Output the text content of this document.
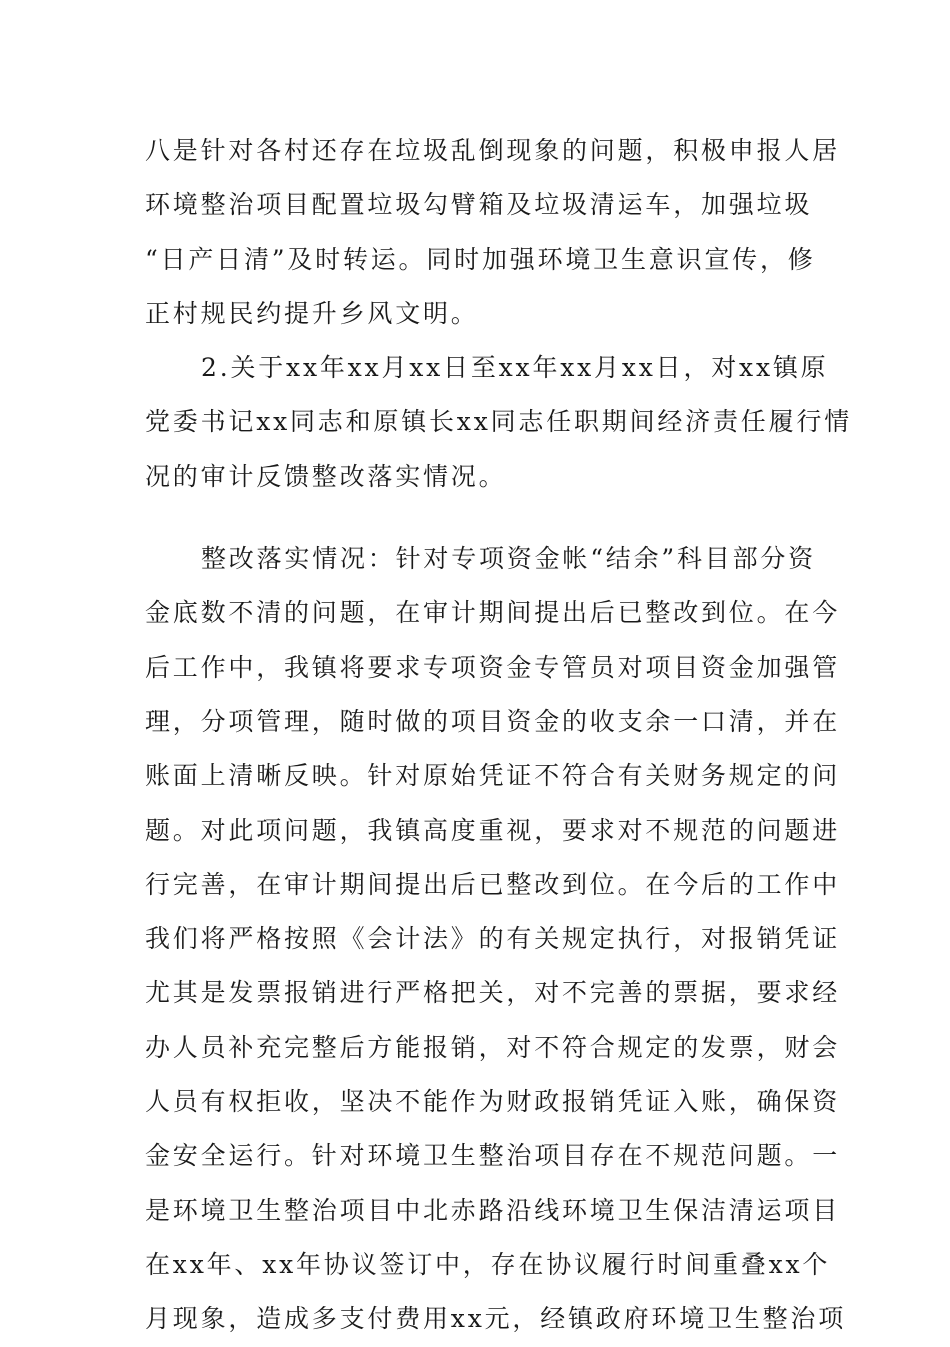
八是针对各村还存在垃圾乱倒现象的问题，积极申报人居
环境整治项目配置垃圾勾臂箱及垃圾清运车，加强垃圾
“日产日清”及时转运。同时加强环境卫生意识宣传，修
正村规民约提升乡风文明。
2.关于xx年xx月xx日至xx年xx月xx日，对xx镇原
党委书记xx同志和原镇长xx同志任职期间经济责任履行情
况的审计反馈整改落实情况。
整改落实情况：针对专项资金帐“结余”科目部分资
金底数不清的问题，在审计期间提出后已整改到位。在今
后工作中，我镇将要求专项资金专管员对项目资金加强管
理，分项管理，随时做的项目资金的收支余一口清，并在
账面上清晰反映。针对原始凭证不符合有关财务规定的问
题。对此项问题，我镇高度重视，要求对不规范的问题进
行完善，在审计期间提出后已整改到位。在今后的工作中
我们将严格按照《会计法》的有关规定执行，对报销凭证
尤其是发票报销进行严格把关，对不完善的票据，要求经
办人员补充完整后方能报销，对不符合规定的发票，财会
人员有权拒收，坚决不能作为财政报销凭证入账，确保资
金安全运行。针对环境卫生整治项目存在不规范问题。一
是环境卫生整治项目中北赤路沿线环境卫生保洁清运项目
在xx年、xx年协议签订中，存在协议履行时间重叠xx个
月现象，造成多支付费用xx元，经镇政府环境卫生整治项
